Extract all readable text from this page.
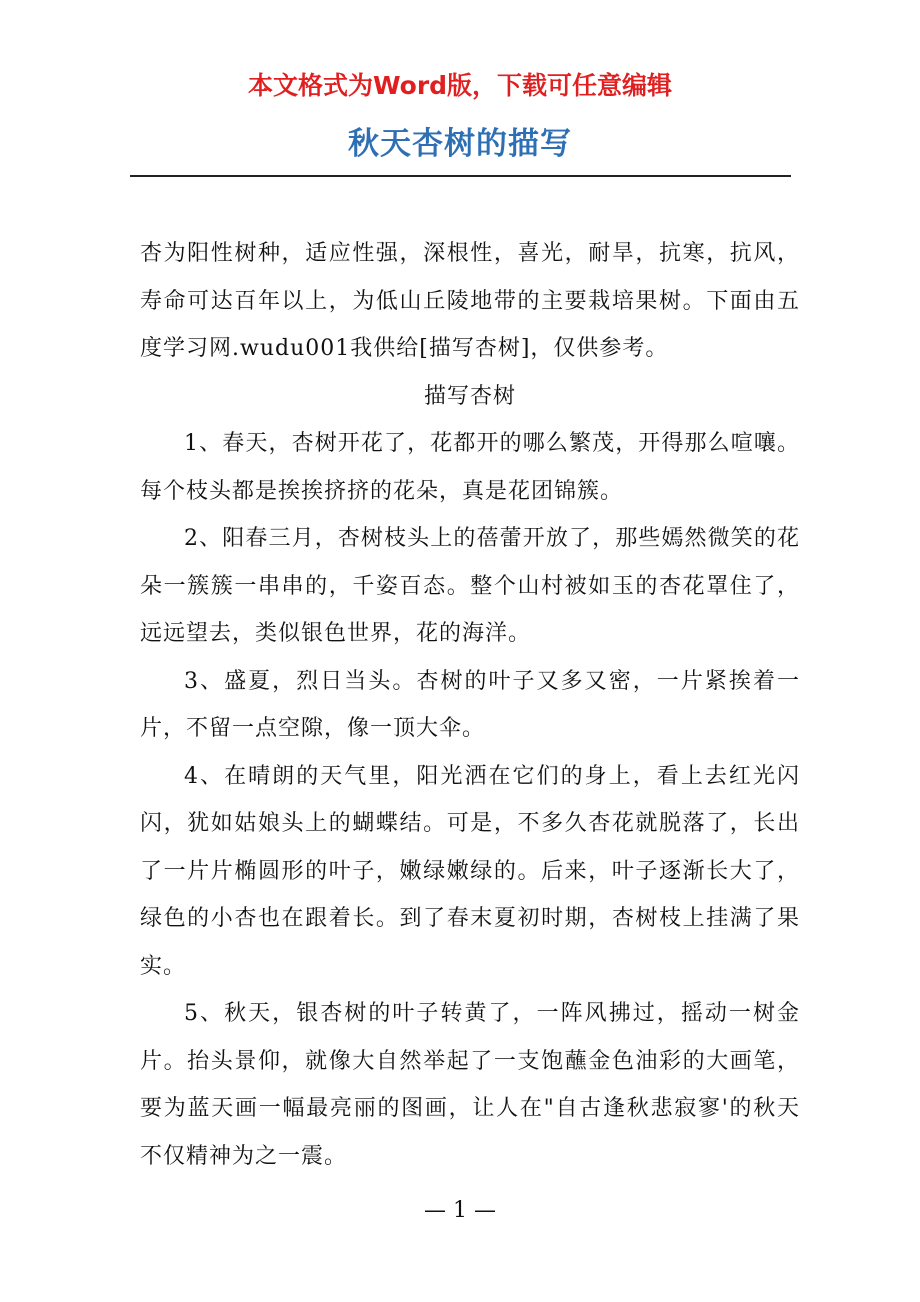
本文格式为Word版，下载可任意编辑
秋天杏树的描写

杏为阳性树种，适应性强，深根性，喜光，耐旱，抗寒，抗风，寿命可达百年以上，为低山丘陵地带的主要栽培果树。下面由五度学习网.wudu001我供给[描写杏树]，仅供参考。

描写杏树

1、春天，杏树开花了，花都开的哪么繁茂，开得那么喧嚷。每个枝头都是挨挨挤挤的花朵，真是花团锦簇。

2、阳春三月，杏树枝头上的蓓蕾开放了，那些嫣然微笑的花朵一簇簇一串串的，千姿百态。整个山村被如玉的杏花罩住了，远远望去，类似银色世界，花的海洋。

3、盛夏，烈日当头。杏树的叶子又多又密，一片紧挨着一片，不留一点空隙，像一顶大伞。

4、在晴朗的天气里，阳光洒在它们的身上，看上去红光闪闪，犹如姑娘头上的蝴蝶结。可是，不多久杏花就脱落了，长出了一片片椭圆形的叶子，嫩绿嫩绿的。后来，叶子逐渐长大了，绿色的小杏也在跟着长。到了春末夏初时期，杏树枝上挂满了果实。

5、秋天，银杏树的叶子转黄了，一阵风拂过，摇动一树金片。抬头景仰，就像大自然举起了一支饱蘸金色油彩的大画笔，要为蓝天画一幅最亮丽的图画，让人在"自古逢秋悲寂寥'的秋天不仅精神为之一震。

— 1 —
